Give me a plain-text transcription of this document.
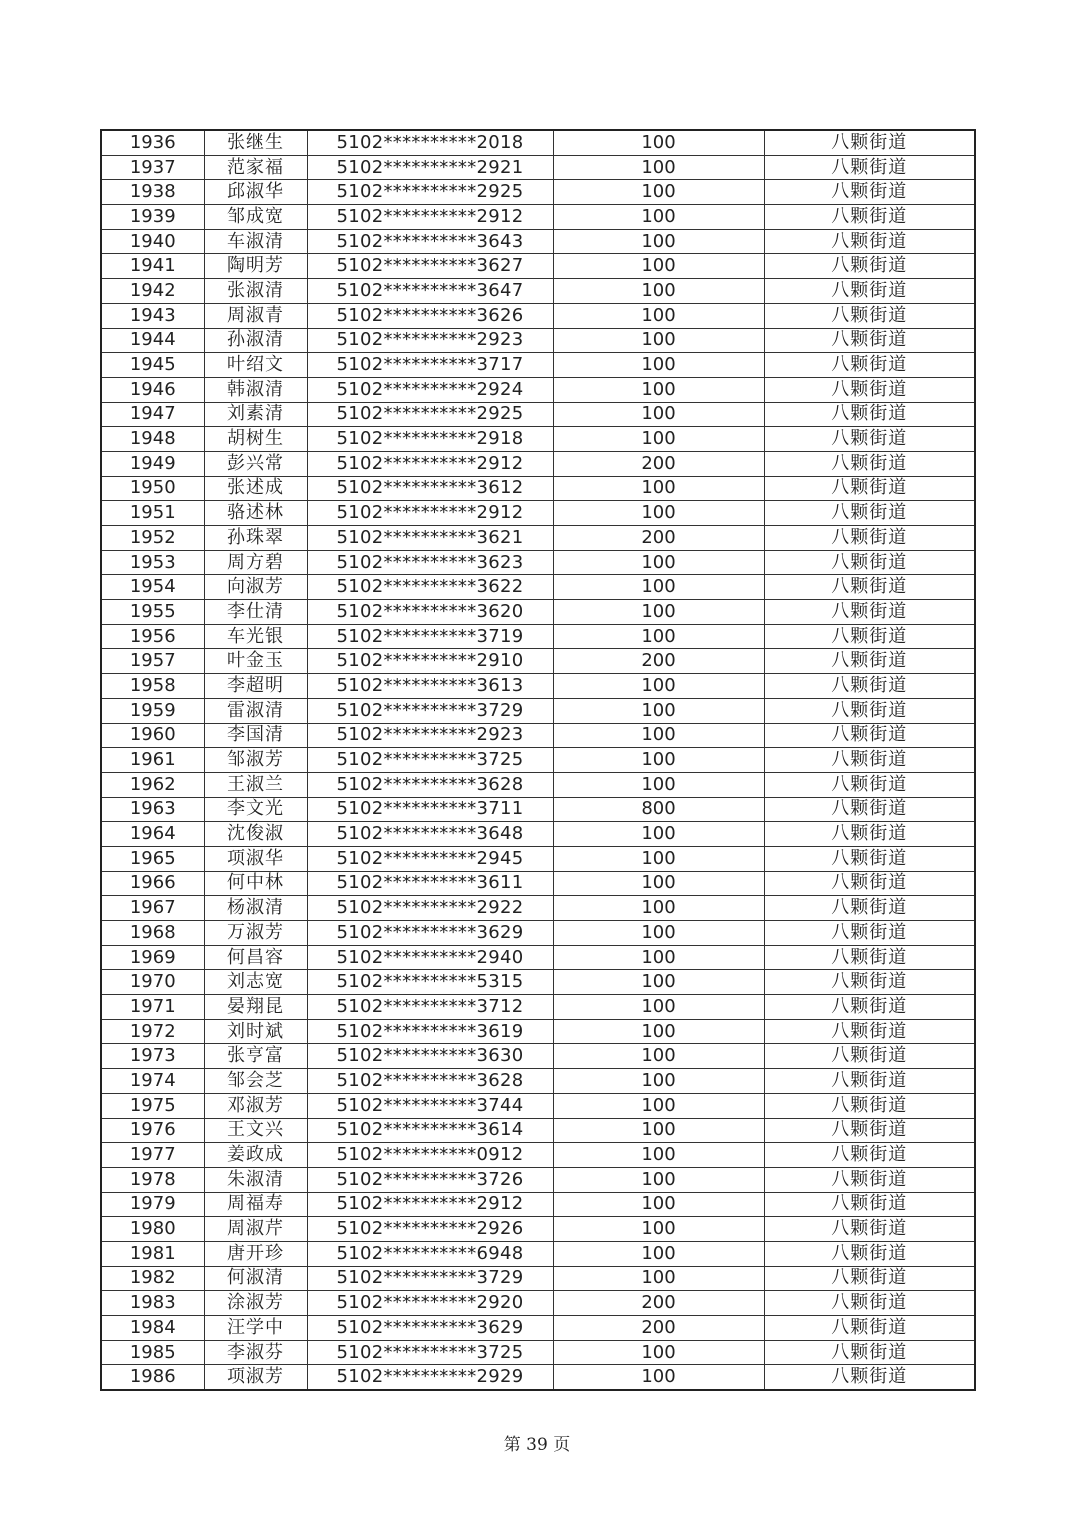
1936	张继生	5102**********2018	100	八颗街道
1937	范家福	5102**********2921	100	八颗街道
1938	邱淑华	5102**********2925	100	八颗街道
1939	邹成宽	5102**********2912	100	八颗街道
1940	车淑清	5102**********3643	100	八颗街道
1941	陶明芳	5102**********3627	100	八颗街道
1942	张淑清	5102**********3647	100	八颗街道
1943	周淑青	5102**********3626	100	八颗街道
1944	孙淑清	5102**********2923	100	八颗街道
1945	叶绍文	5102**********3717	100	八颗街道
1946	韩淑清	5102**********2924	100	八颗街道
1947	刘素清	5102**********2925	100	八颗街道
1948	胡树生	5102**********2918	100	八颗街道
1949	彭兴常	5102**********2912	200	八颗街道
1950	张述成	5102**********3612	100	八颗街道
1951	骆述林	5102**********2912	100	八颗街道
1952	孙珠翠	5102**********3621	200	八颗街道
1953	周方碧	5102**********3623	100	八颗街道
1954	向淑芳	5102**********3622	100	八颗街道
1955	李仕清	5102**********3620	100	八颗街道
1956	车光银	5102**********3719	100	八颗街道
1957	叶金玉	5102**********2910	200	八颗街道
1958	李超明	5102**********3613	100	八颗街道
1959	雷淑清	5102**********3729	100	八颗街道
1960	李国清	5102**********2923	100	八颗街道
1961	邹淑芳	5102**********3725	100	八颗街道
1962	王淑兰	5102**********3628	100	八颗街道
1963	李文光	5102**********3711	800	八颗街道
1964	沈俊淑	5102**********3648	100	八颗街道
1965	项淑华	5102**********2945	100	八颗街道
1966	何中林	5102**********3611	100	八颗街道
1967	杨淑清	5102**********2922	100	八颗街道
1968	万淑芳	5102**********3629	100	八颗街道
1969	何昌容	5102**********2940	100	八颗街道
1970	刘志宽	5102**********5315	100	八颗街道
1971	晏翔昆	5102**********3712	100	八颗街道
1972	刘时斌	5102**********3619	100	八颗街道
1973	张亨富	5102**********3630	100	八颗街道
1974	邹会芝	5102**********3628	100	八颗街道
1975	邓淑芳	5102**********3744	100	八颗街道
1976	王文兴	5102**********3614	100	八颗街道
1977	姜政成	5102**********0912	100	八颗街道
1978	朱淑清	5102**********3726	100	八颗街道
1979	周福寿	5102**********2912	100	八颗街道
1980	周淑芹	5102**********2926	100	八颗街道
1981	唐开珍	5102**********6948	100	八颗街道
1982	何淑清	5102**********3729	100	八颗街道
1983	涂淑芳	5102**********2920	200	八颗街道
1984	汪学中	5102**********3629	200	八颗街道
1985	李淑芬	5102**********3725	100	八颗街道
1986	项淑芳	5102**********2929	100	八颗街道
第 39 页
